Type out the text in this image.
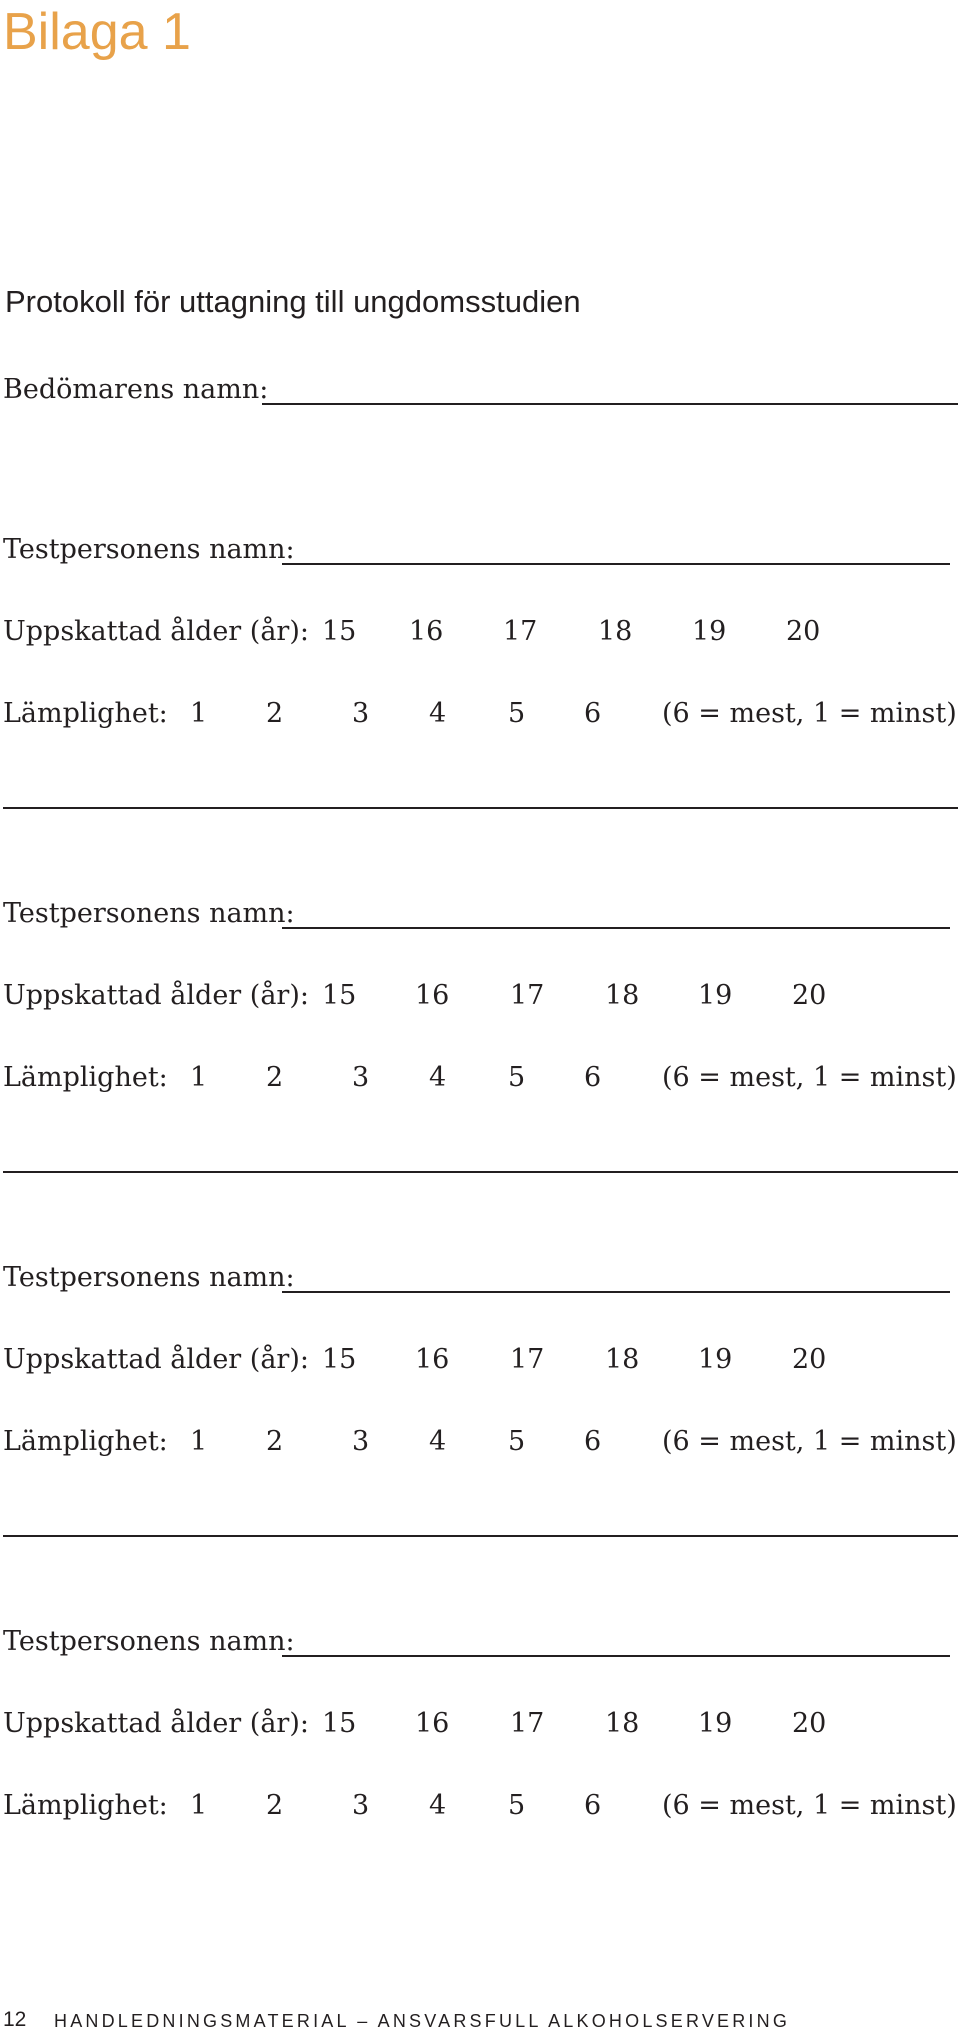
Bilaga 1
Protokoll för uttagning till ungdomsstudien
Bedömarens namn:
Testpersonens namn:
Uppskattad ålder (år): 15 16 17 18 19 20
Lämplighet: 1 2	3 4 5 6 (6 = mest, 1 = minst)
Testpersonens namn:
Uppskattad ålder (år): 15 16 17 18 19 20
Lämplighet: 1 2	3 4 5 6 (6 = mest, 1 = minst)
Testpersonens namn:
Uppskattad ålder (år): 15 16 17 18 19 20
Lämplighet: 1 2	3 4 5 6 (6 = mest, 1 = minst)
Testpersonens namn:
Uppskattad ålder (år): 15 16 17 18 19 20
Lämplighet: 1 2	3 4 5 6 (6 = mest, 1 = minst)
12 HANDLEDNINGSMATERIAL – ANSVARSFULL ALKOHOLSERVERING
